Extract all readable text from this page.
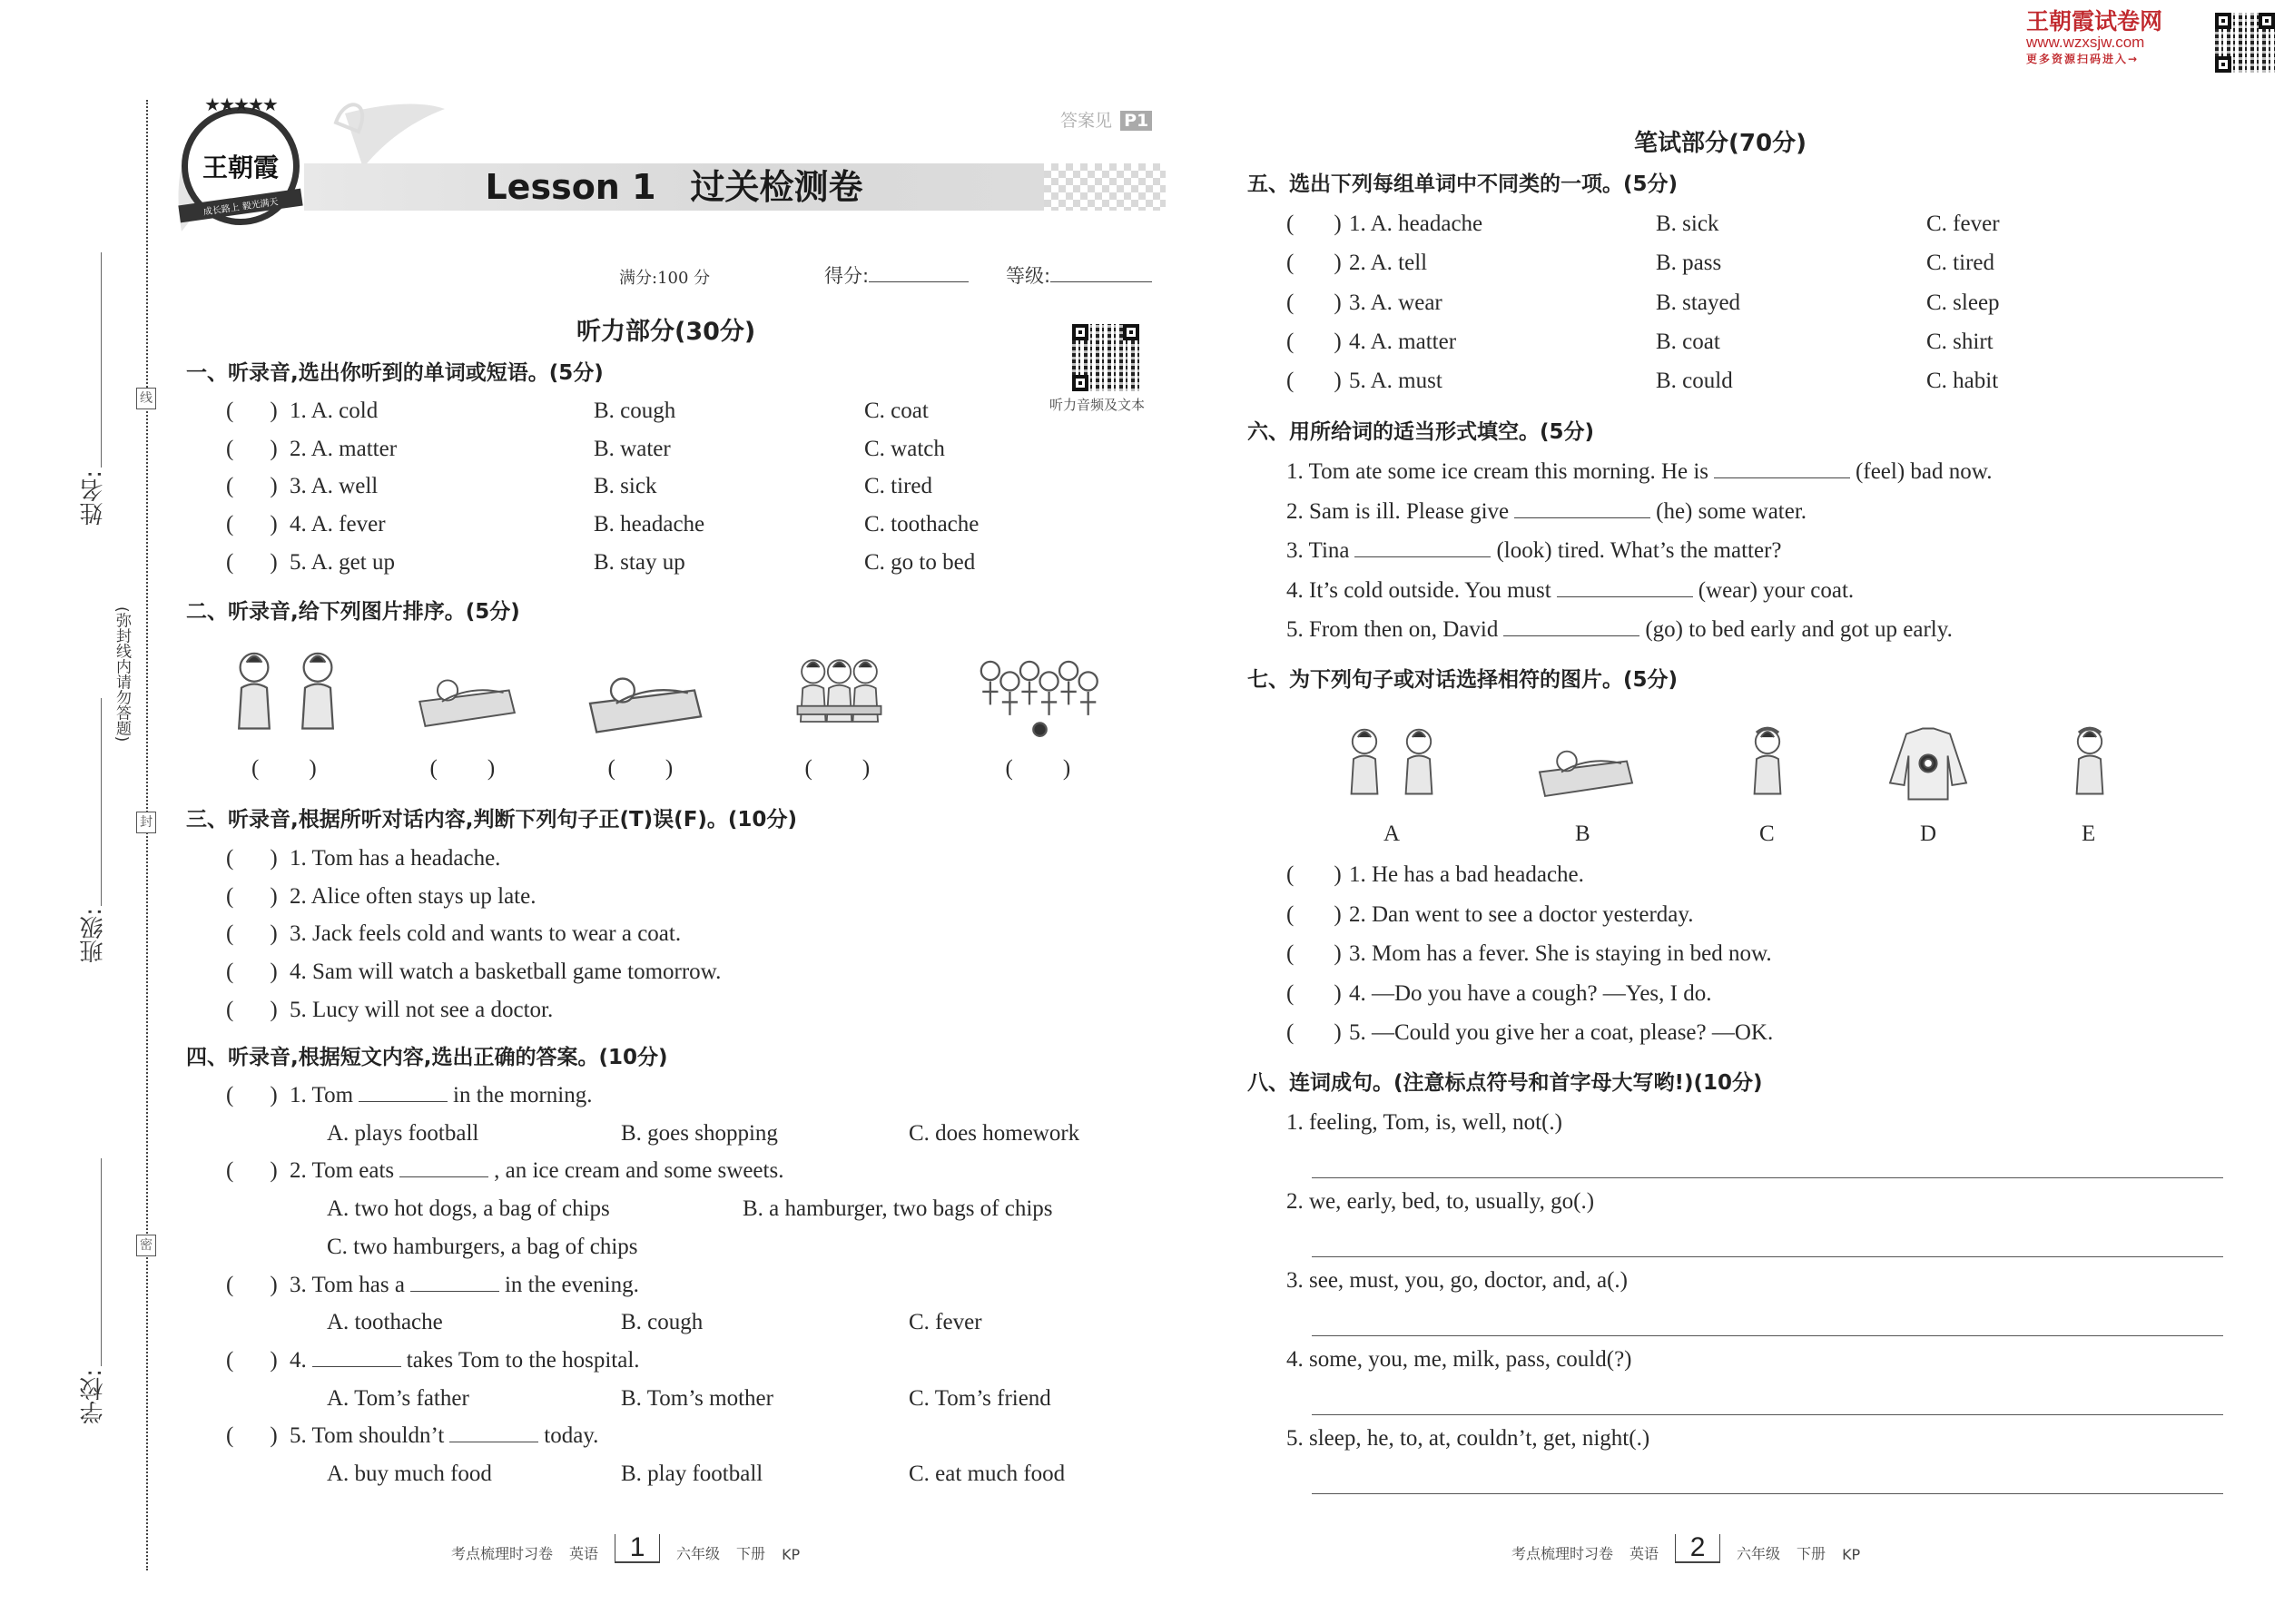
姓名:
班级:
学校:
(弥封线内请勿答题)
线
封
密
王朝霞试卷网
www.wzxsjw.com
更多资源扫码进入→
★★★★★
王朝霞
成长路上 毅光满天
Lesson 1　过关检测卷
答案见 P1
满分:100 分	得分:	等级:
听力部分(30分)
听力音频及文本
笔试部分(70分)
一、听录音,选出你听到的单词或短语。(5分)
( ) 1. A. cold	B. cough	C. coat
( ) 2. A. matter	B. water	C. watch
( ) 3. A. well	B. sick	C. tired
( ) 4. A. fever	B. headache	C. toothache
( ) 5. A. get up	B. stay up	C. go to bed
二、听录音,给下列图片排序。(5分)
( )	( )	( )	( )	( )
三、听录音,根据所听对话内容,判断下列句子正(T)误(F)。(10分)
( ) 1. Tom has a headache.
( ) 2. Alice often stays up late.
( ) 3. Jack feels cold and wants to wear a coat.
( ) 4. Sam will watch a basketball game tomorrow.
( ) 5. Lucy will not see a doctor.
四、听录音,根据短文内容,选出正确的答案。(10分)
( ) 1. Tom	in the morning.
A. plays football	B. goes shopping	C. does homework
( ) 2. Tom eats	, an ice cream and some sweets.
A. two hot dogs, a bag of chips	B. a hamburger, two bags of chips
C. two hamburgers, a bag of chips
( ) 3. Tom has a	in the evening.
A. toothache	B. cough	C. fever
( ) 4.	takes Tom to the hospital.
A. Tom’s father	B. Tom’s mother	C. Tom’s friend
( ) 5. Tom shouldn’t	today.
A. buy much food	B. play football	C. eat much food
五、选出下列每组单词中不同类的一项。(5分)
( ) 1. A. headache	B. sick	C. fever
( ) 2. A. tell	B. pass	C. tired
( ) 3. A. wear	B. stayed	C. sleep
( ) 4. A. matter	B. coat	C. shirt
( ) 5. A. must	B. could	C. habit
六、用所给词的适当形式填空。(5分)
1. Tom ate some ice cream this morning. He is	(feel) bad now.
2. Sam is ill. Please give	(he) some water.
3. Tina	(look) tired. What’s the matter?
4. It’s cold outside. You must	(wear) your coat.
5. From then on, David	(go) to bed early and got up early.
七、为下列句子或对话选择相符的图片。(5分)
A	B	C	D	E
( ) 1. He has a bad headache.
( ) 2. Dan went to see a doctor yesterday.
( ) 3. Mom has a fever. She is staying in bed now.
( ) 4. —Do you have a cough? —Yes, I do.
( ) 5. —Could you give her a coat, please? —OK.
八、连词成句。(注意标点符号和首字母大写哟!)(10分)
1. feeling, Tom, is, well, not(.)
2. we, early, bed, to, usually, go(.)
3. see, must, you, go, doctor, and, a(.)
4. some, you, me, milk, pass, could(?)
5. sleep, he, to, at, couldn’t, get, night(.)
考点梳理时习卷 英语	1	六年级 下册 KP	考点梳理时习卷 英语	2	六年级 下册 KP
